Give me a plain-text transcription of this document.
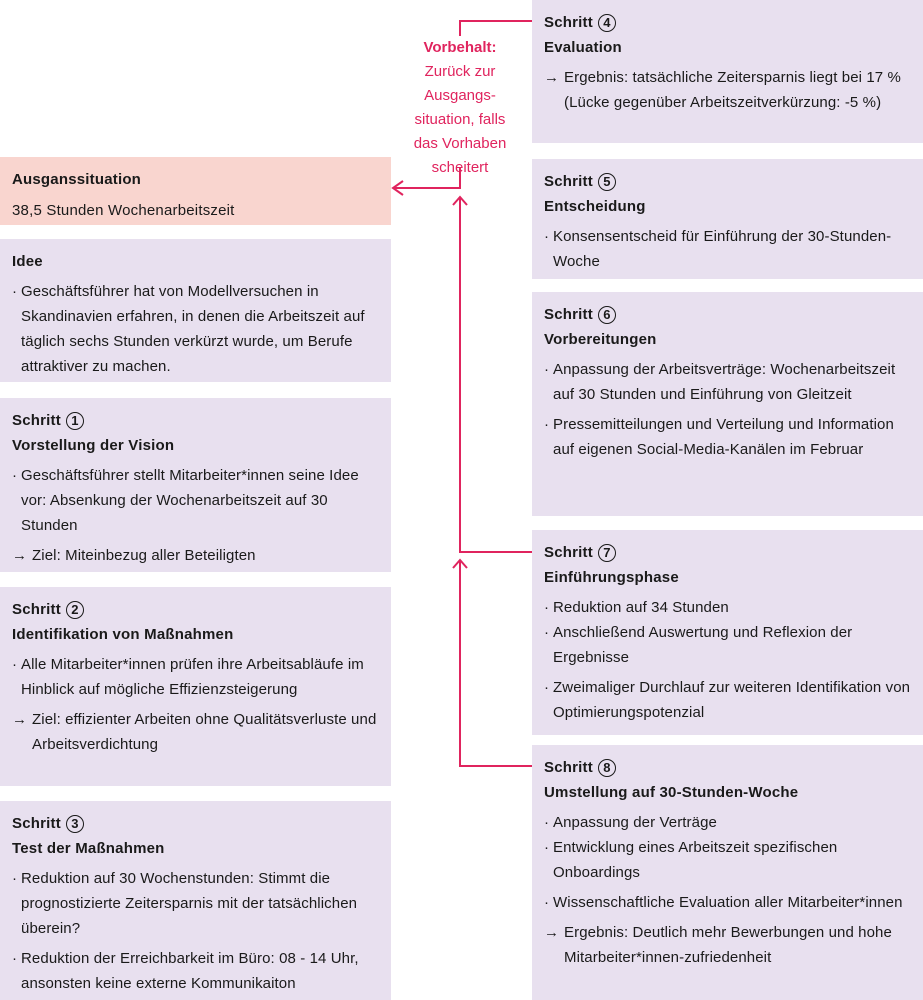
Vorbehalt:
Zurück zur
Ausgangs-
situation, falls
das Vorhaben
scheitert
Ausganssituation
38,5 Stunden Wochenarbeitszeit
Idee
· Geschäftsführer hat von Modellversuchen in Skandinavien erfahren, in denen die Arbeitszeit auf täglich sechs Stunden verkürzt wurde, um Berufe attraktiver zu machen.
Schritt 1
Vorstellung der Vision
· Geschäftsführer stellt Mitarbeiter*innen seine Idee vor: Absenkung der Wochenarbeitszeit auf 30 Stunden
→ Ziel: Miteinbezug aller Beteiligten
Schritt 2
Identifikation von Maßnahmen
· Alle Mitarbeiter*innen prüfen ihre Arbeitsabläufe im Hinblick auf mögliche Effizienzsteigerung
→ Ziel: effizienter Arbeiten ohne Qualitätsverluste und Arbeitsverdichtung
Schritt 3
Test der Maßnahmen
· Reduktion auf 30 Wochenstunden: Stimmt die prognostizierte Zeitersparnis mit der tatsächlichen überein?
· Reduktion der Erreichbarkeit im Büro: 08 - 14 Uhr, ansonsten keine externe Kommunikaiton
Schritt 4
Evaluation
→ Ergebnis: tatsächliche Zeitersparnis liegt bei 17 % (Lücke gegenüber Arbeitszeitverkürzung: -5 %)
Schritt 5
Entscheidung
· Konsensentscheid für Einführung der 30-Stunden-Woche
Schritt 6
Vorbereitungen
· Anpassung der Arbeitsverträge: Wochenarbeitszeit auf 30 Stunden und Einführung von Gleitzeit
· Pressemitteilungen und Verteilung und Information auf eigenen Social-Media-Kanälen im Februar
Schritt 7
Einführungsphase
· Reduktion auf 34 Stunden
· Anschließend Auswertung und Reflexion der Ergebnisse
· Zweimaliger Durchlauf zur weiteren Identifikation von Optimierungspotenzial
Schritt 8
Umstellung auf 30-Stunden-Woche
· Anpassung der Verträge
· Entwicklung eines Arbeitszeit spezifischen Onboardings
· Wissenschaftliche Evaluation aller Mitarbeiter*innen
→ Ergebnis: Deutlich mehr Bewerbungen und hohe Mitarbeiter*innen-zufriedenheit
